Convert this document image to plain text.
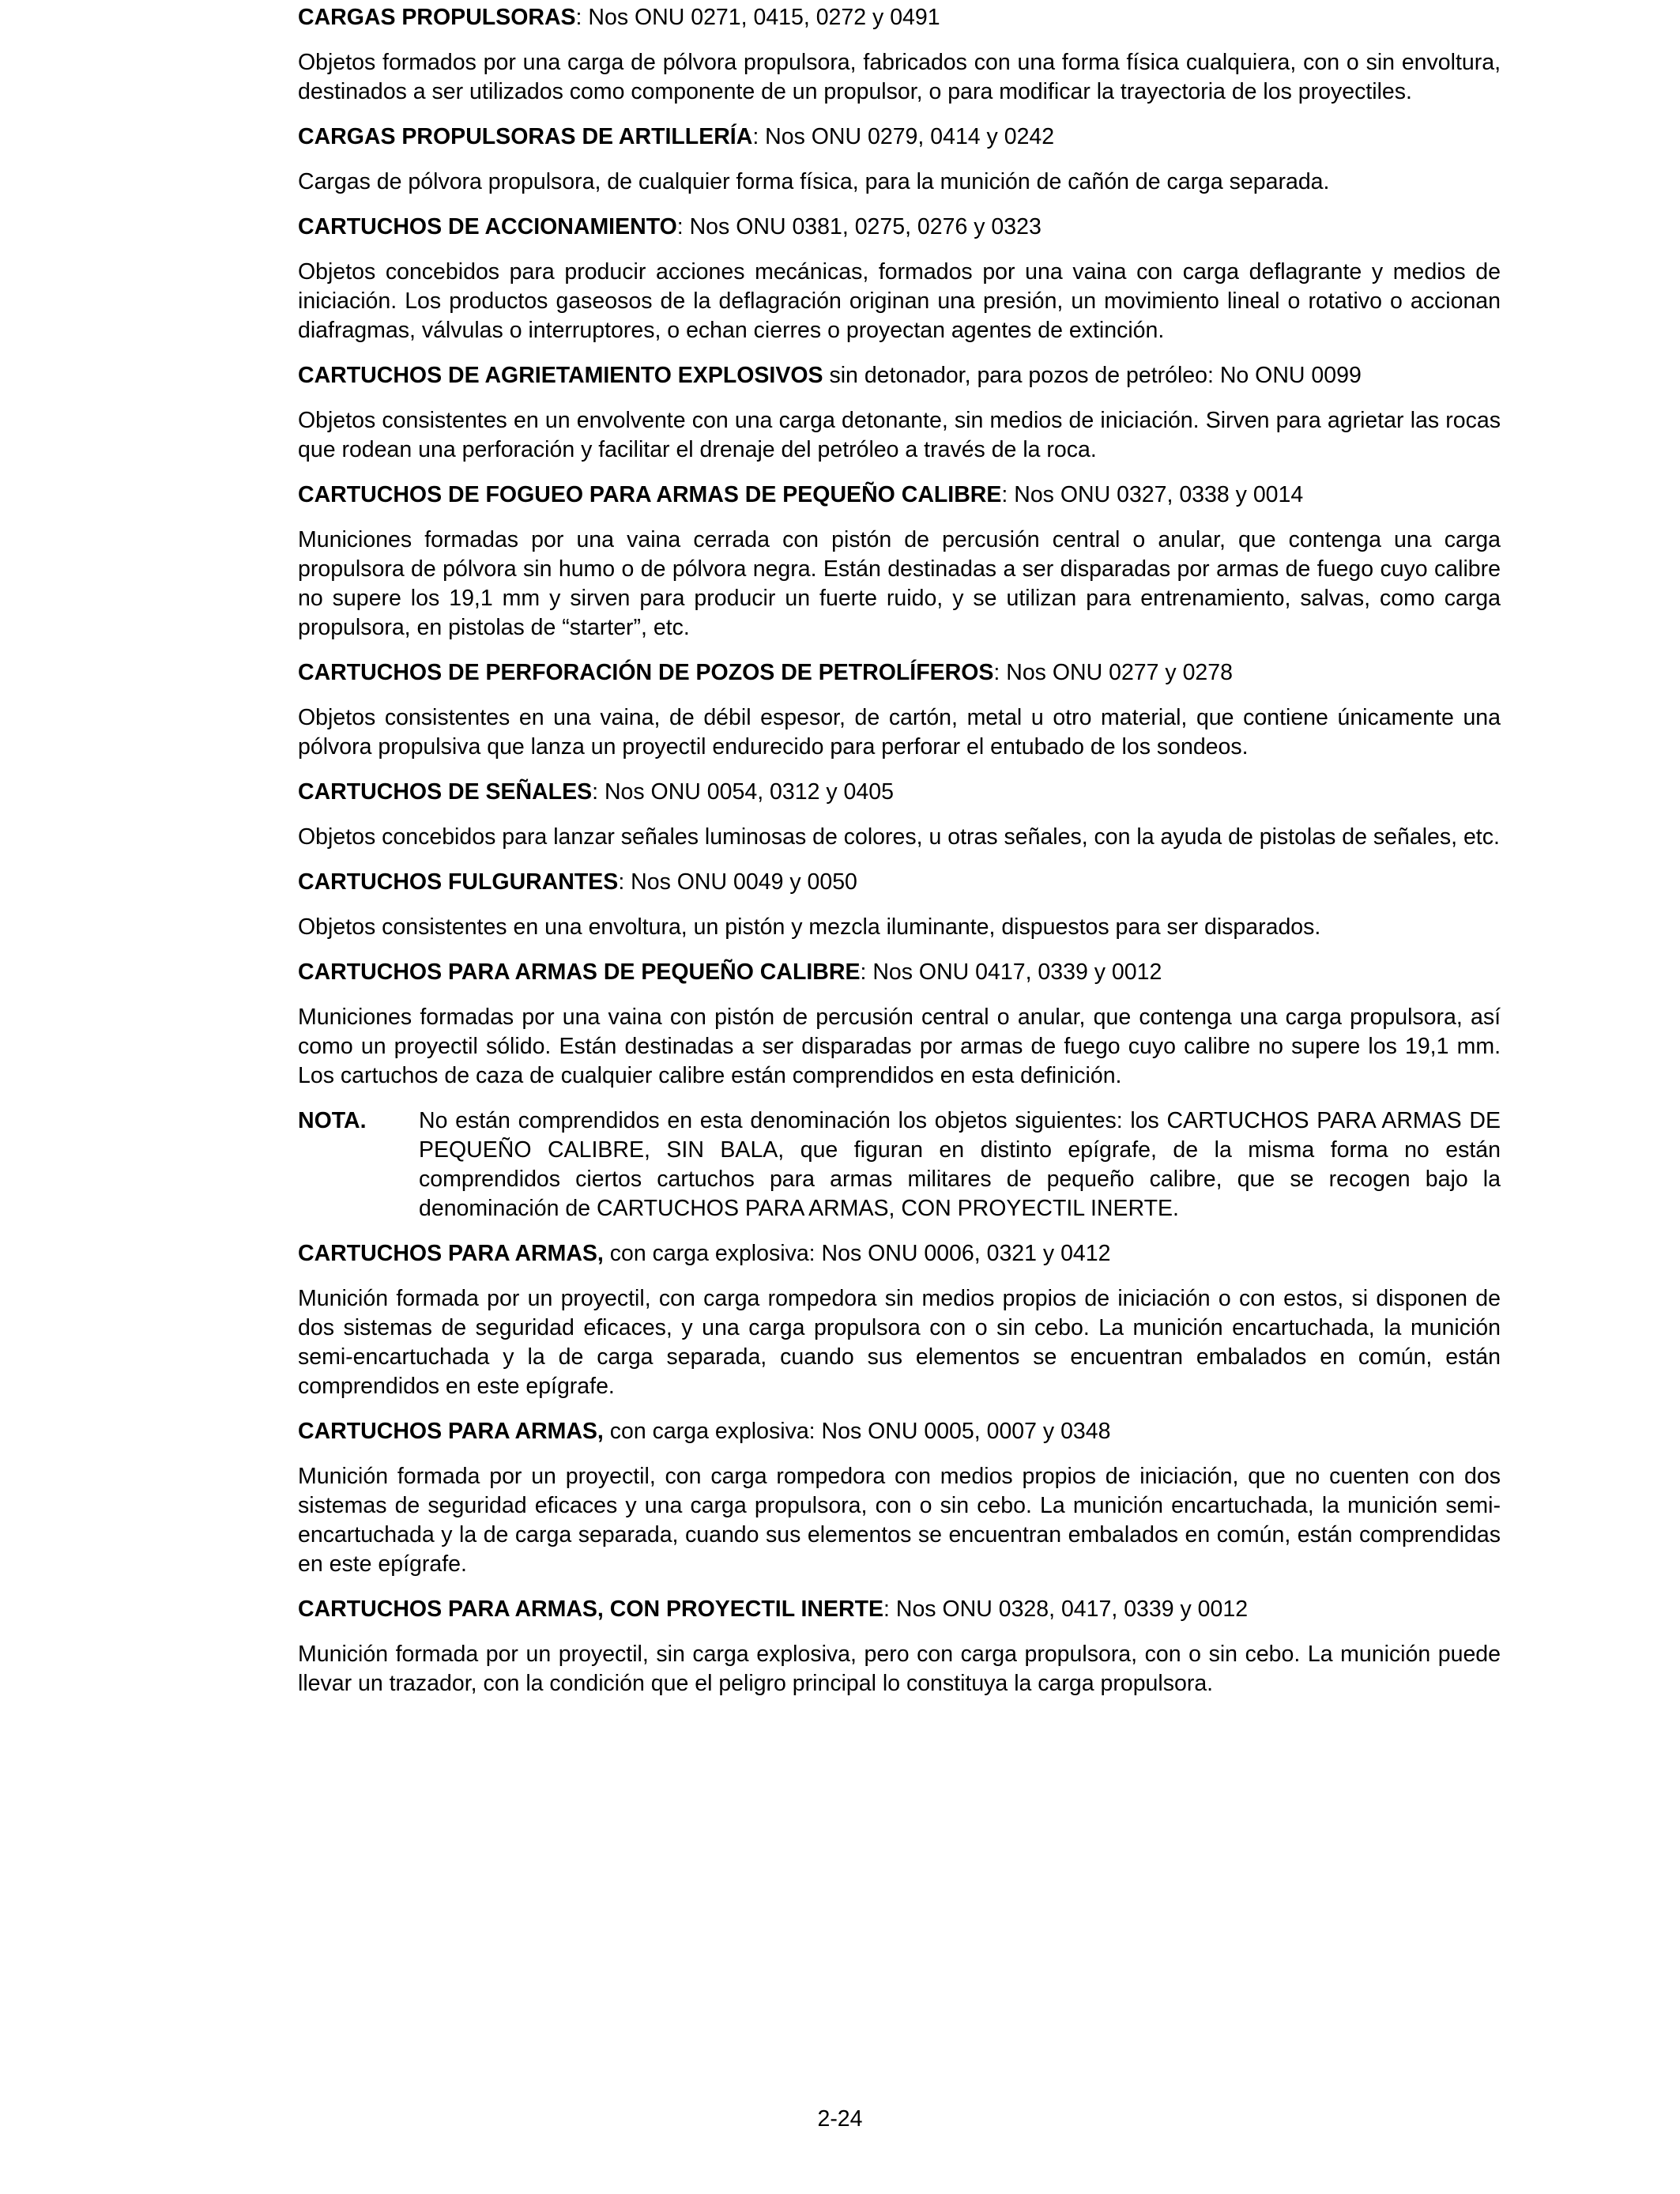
CARGAS PROPULSORAS: Nos ONU 0271, 0415, 0272 y 0491

Objetos formados por una carga de pólvora propulsora, fabricados con una forma física cualquiera, con o sin envoltura, destinados a ser utilizados como componente de un propulsor, o para modificar la trayectoria de los proyectiles.

CARGAS PROPULSORAS DE ARTILLERÍA: Nos ONU 0279, 0414 y 0242

Cargas de pólvora propulsora, de cualquier forma física, para la munición de cañón de carga separada.

CARTUCHOS DE ACCIONAMIENTO: Nos ONU 0381, 0275, 0276 y 0323

Objetos concebidos para producir acciones mecánicas, formados por una vaina con carga deflagrante y medios de iniciación. Los productos gaseosos de la deflagración originan una presión, un movimiento lineal o rotativo o accionan diafragmas, válvulas o interruptores, o echan cierres o proyectan agentes de extinción.

CARTUCHOS DE AGRIETAMIENTO EXPLOSIVOS sin detonador, para pozos de petróleo: No ONU 0099

Objetos consistentes en un envolvente con una carga detonante, sin medios de iniciación. Sirven para agrietar las rocas que rodean una perforación y facilitar el drenaje del petróleo a través de la roca.

CARTUCHOS DE FOGUEO PARA ARMAS DE PEQUEÑO CALIBRE: Nos ONU 0327, 0338 y 0014

Municiones formadas por una vaina cerrada con pistón de percusión central o anular, que contenga una carga propulsora de pólvora sin humo o de pólvora negra. Están destinadas a ser disparadas por armas de fuego cuyo calibre no supere los 19,1 mm y sirven para producir un fuerte ruido, y se utilizan para entrenamiento, salvas, como carga propulsora, en pistolas de “starter”, etc.

CARTUCHOS DE PERFORACIÓN DE POZOS DE PETROLÍFEROS: Nos ONU 0277 y 0278

Objetos consistentes en una vaina, de débil espesor, de cartón, metal u otro material, que contiene únicamente una pólvora propulsiva que lanza un proyectil endurecido para perforar el entubado de los sondeos.

CARTUCHOS DE SEÑALES: Nos ONU 0054, 0312 y 0405

Objetos concebidos para lanzar señales luminosas de colores, u otras señales, con la ayuda de pistolas de señales, etc.

CARTUCHOS FULGURANTES: Nos ONU 0049 y 0050

Objetos consistentes en una envoltura, un pistón y mezcla iluminante, dispuestos para ser disparados.

CARTUCHOS PARA ARMAS DE PEQUEÑO CALIBRE: Nos ONU 0417, 0339 y 0012

Municiones formadas por una vaina con pistón de percusión central o anular, que contenga una carga propulsora, así como un proyectil sólido. Están destinadas a ser disparadas por armas de fuego cuyo calibre no supere los 19,1 mm. Los cartuchos de caza de cualquier calibre están comprendidos en esta definición.

NOTA.	No están comprendidos en esta denominación los objetos siguientes: los CARTUCHOS PARA ARMAS DE PEQUEÑO CALIBRE, SIN BALA, que figuran en distinto epígrafe, de la misma forma no están comprendidos ciertos cartuchos para armas militares de pequeño calibre, que se recogen bajo la denominación de CARTUCHOS PARA ARMAS, CON PROYECTIL INERTE.

CARTUCHOS PARA ARMAS, con carga explosiva: Nos ONU 0006, 0321 y 0412

Munición formada por un proyectil, con carga rompedora sin medios propios de iniciación o con estos, si disponen de dos sistemas de seguridad eficaces, y una carga propulsora con o sin cebo. La munición encartuchada, la munición semi-encartuchada y la de carga separada, cuando sus elementos se encuentran embalados en común, están comprendidos en este epígrafe.

CARTUCHOS PARA ARMAS, con carga explosiva: Nos ONU 0005, 0007 y 0348

Munición formada por un proyectil, con carga rompedora con medios propios de iniciación, que no cuenten con dos sistemas de seguridad eficaces y una carga propulsora, con o sin cebo. La munición encartuchada, la munición semi-encartuchada y la de carga separada, cuando sus elementos se encuentran embalados en común, están comprendidas en este epígrafe.

CARTUCHOS PARA ARMAS, CON PROYECTIL INERTE: Nos ONU 0328, 0417, 0339 y 0012

Munición formada por un proyectil, sin carga explosiva, pero con carga propulsora, con o sin cebo. La munición puede llevar un trazador, con la condición que el peligro principal lo constituya la carga propulsora.

2-24
